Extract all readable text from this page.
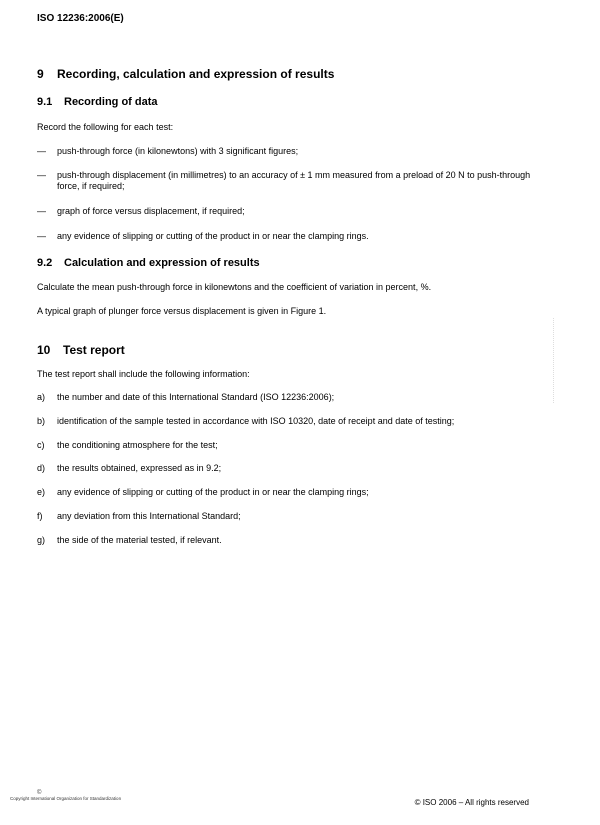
ISO 12236:2006(E)
9 Recording, calculation and expression of results
9.1 Recording of data
Record the following for each test:
— push-through force (in kilonewtons) with 3 significant figures;
— push-through displacement (in millimetres) to an accuracy of ± 1 mm measured from a preload of 20 N to push-through force, if required;
— graph of force versus displacement, if required;
— any evidence of slipping or cutting of the product in or near the clamping rings.
9.2 Calculation and expression of results
Calculate the mean push-through force in kilonewtons and the coefficient of variation in percent, %.
A typical graph of plunger force versus displacement is given in Figure 1.
10 Test report
The test report shall include the following information:
a) the number and date of this International Standard (ISO 12236:2006);
b) identification of the sample tested in accordance with ISO 10320, date of receipt and date of testing;
c) the conditioning atmosphere for the test;
d) the results obtained, expressed as in 9.2;
e) any evidence of slipping or cutting of the product in or near the clamping rings;
f) any deviation from this International Standard;
g) the side of the material tested, if relevant.
©
Copyright International Organization for Standardization	© ISO 2006 – All rights reserved
